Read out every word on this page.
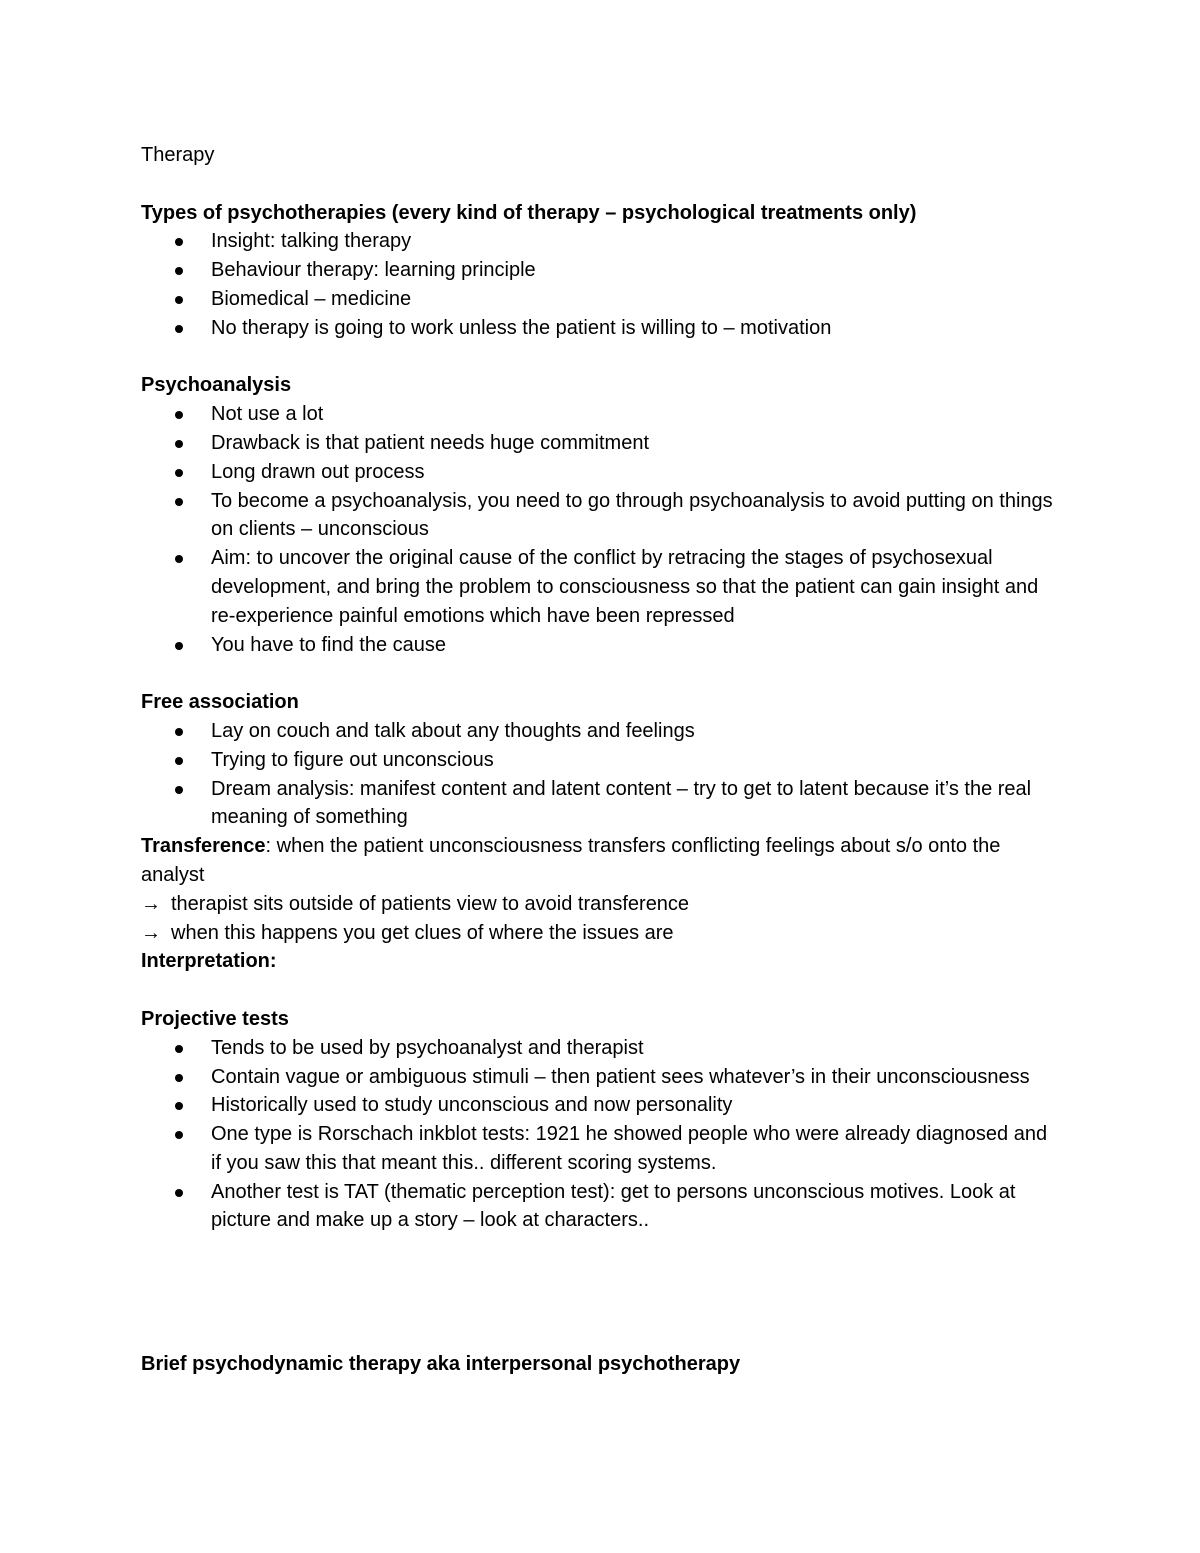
Therapy

Types of psychotherapies (every kind of therapy – psychological treatments only)

Insight: talking therapy
Behaviour therapy: learning principle
Biomedical – medicine
No therapy is going to work unless the patient is willing to – motivation

Psychoanalysis

Not use a lot
Drawback is that patient needs huge commitment
Long drawn out process
To become a psychoanalysis, you need to go through psychoanalysis to avoid putting on things on clients – unconscious
Aim: to uncover the original cause of the conflict by retracing the stages of psychosexual development, and bring the problem to consciousness so that the patient can gain insight and re-experience painful emotions which have been repressed
You have to find the cause

Free association

Lay on couch and talk about any thoughts and feelings
Trying to figure out unconscious
Dream analysis: manifest content and latent content – try to get to latent because it’s the real meaning of something

Transference: when the patient unconsciousness transfers conflicting feelings about s/o onto the analyst

→ therapist sits outside of patients view to avoid transference

→ when this happens you get clues of where the issues are

Interpretation:

Projective tests

Tends to be used by psychoanalyst and therapist
Contain vague or ambiguous stimuli – then patient sees whatever’s in their unconsciousness
Historically used to study unconscious and now personality
One type is Rorschach inkblot tests: 1921 he showed people who were already diagnosed and if you saw this that meant this.. different scoring systems.
Another test is TAT (thematic perception test): get to persons unconscious motives. Look at picture and make up a story – look at characters..

Brief psychodynamic therapy aka interpersonal psychotherapy
